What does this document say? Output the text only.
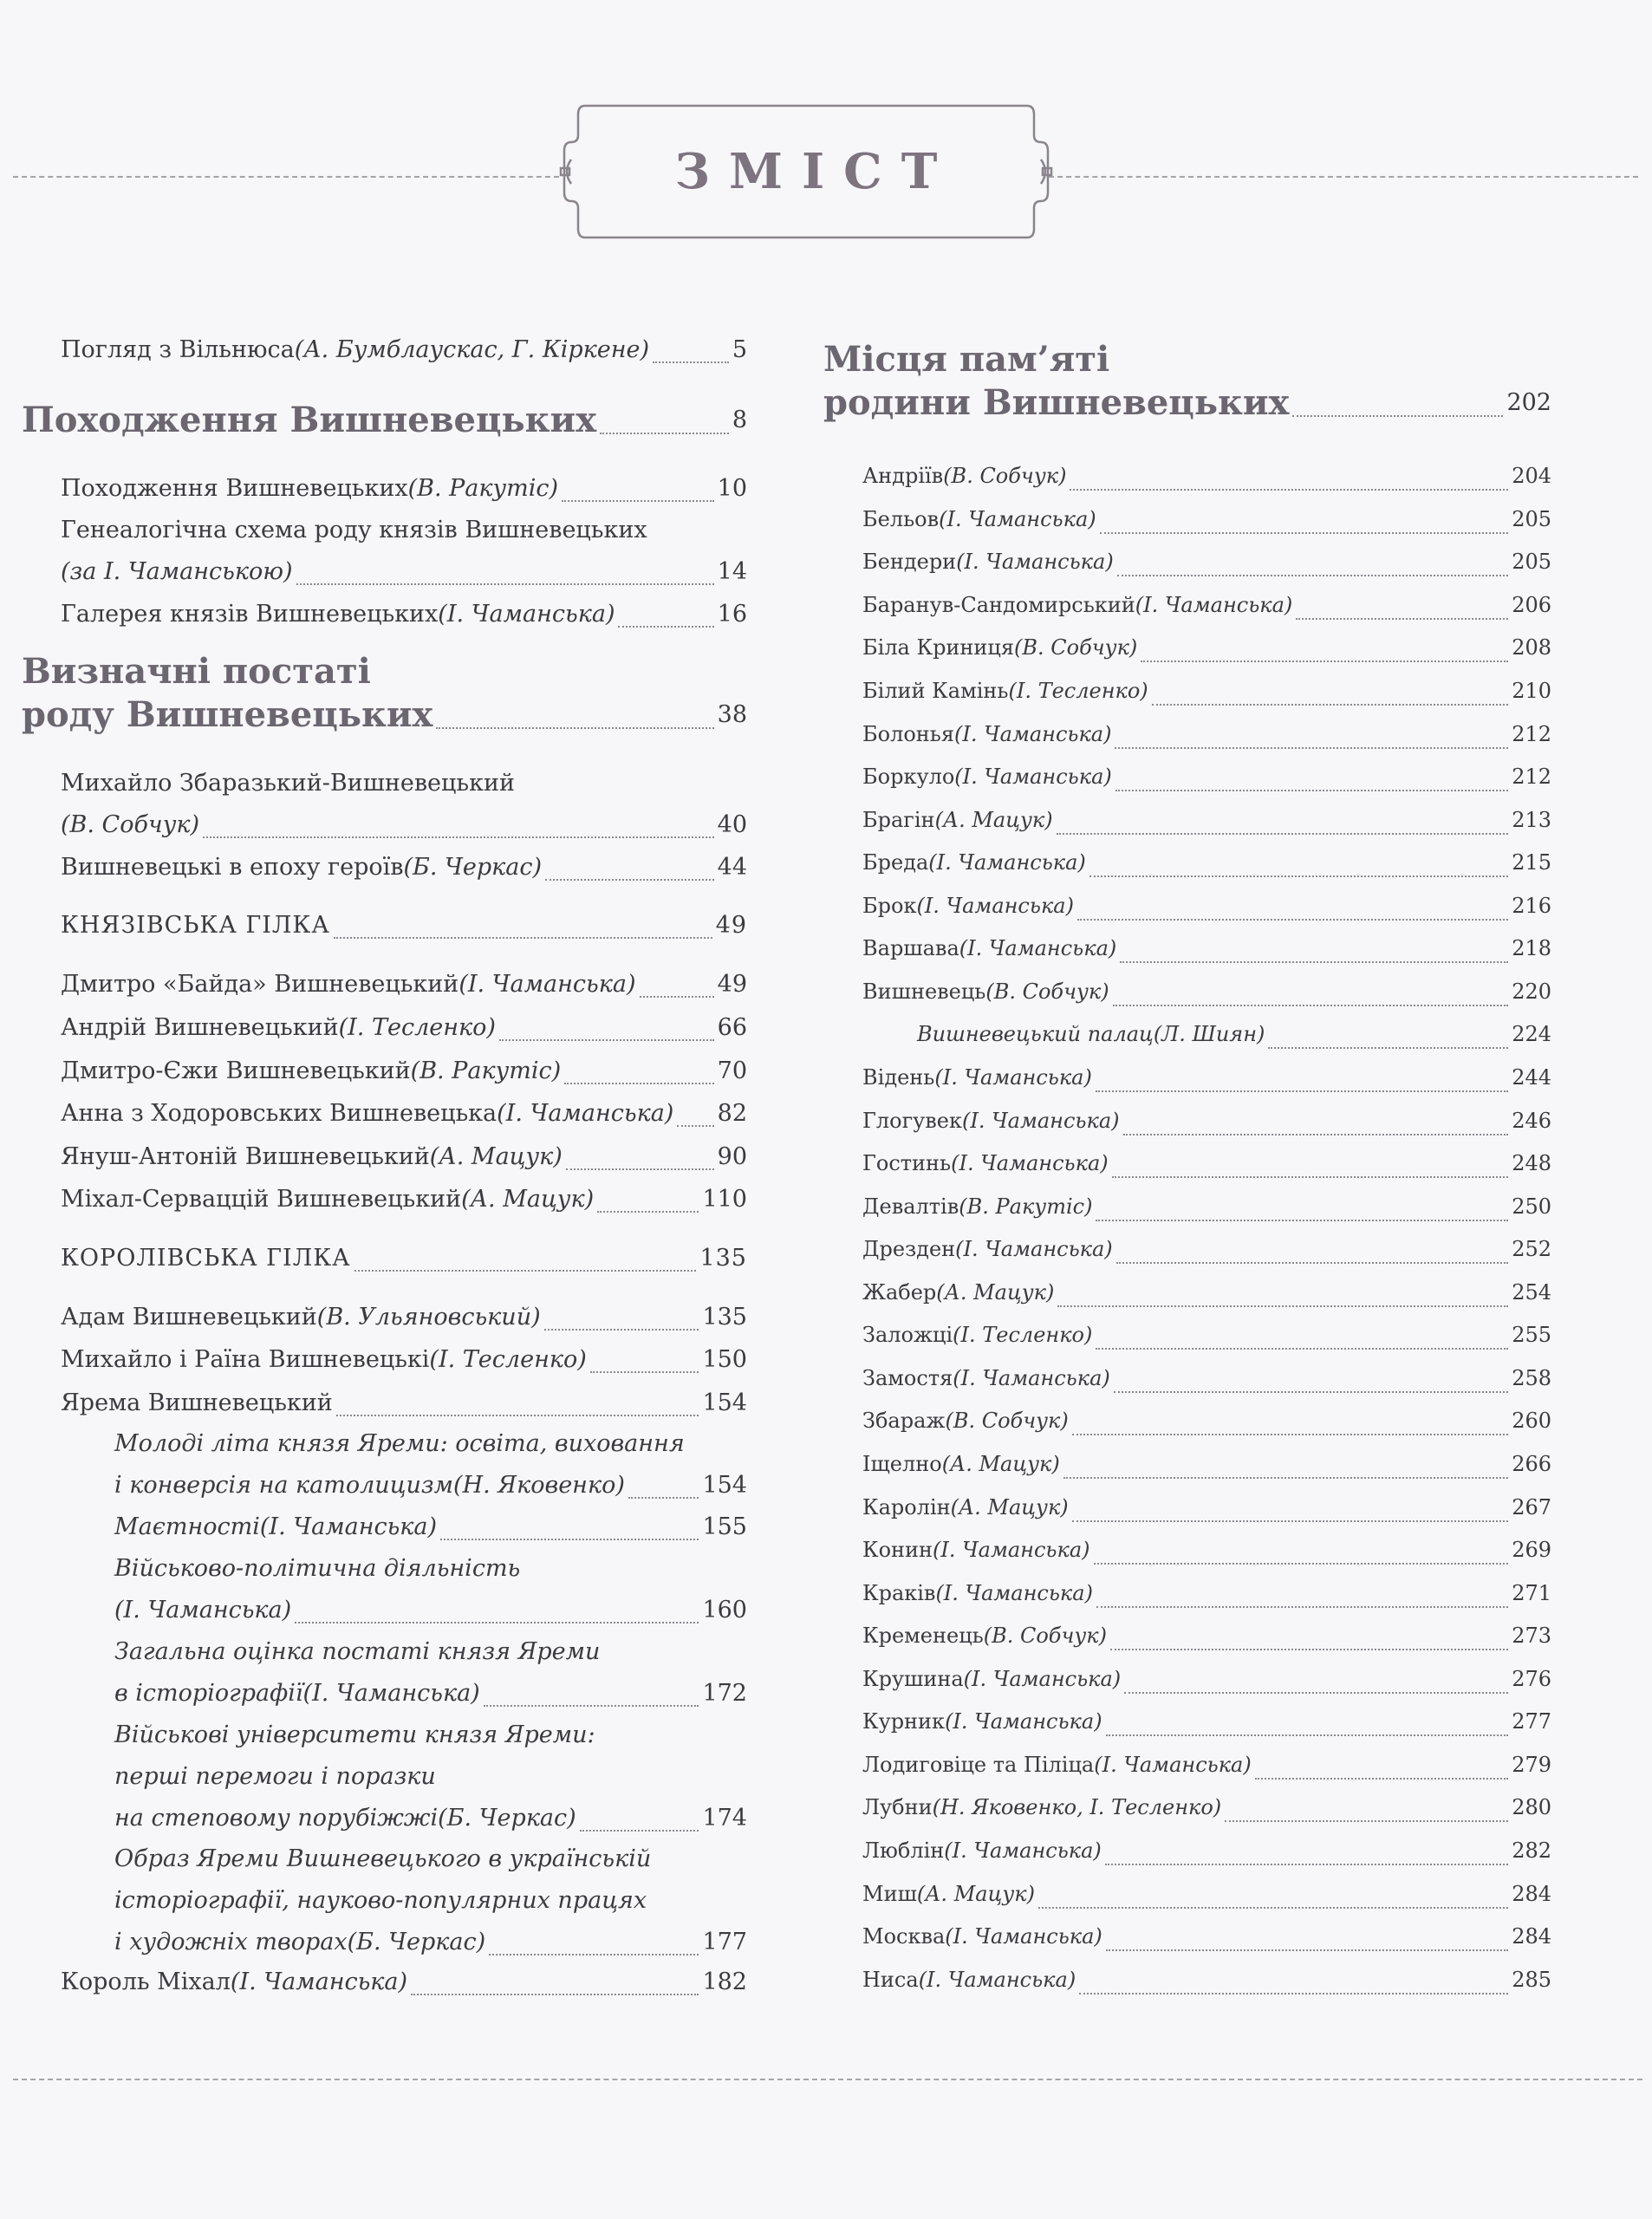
ЗМІСТ
Погляд з Вільнюса (А. Бумблаускас, Г. Кіркене)	5
Походження Вишневецьких	8
Походження Вишневецьких (В. Ракутіс)	10
Генеалогічна схема роду князів Вишневецьких
(за І. Чаманською)	14
Галерея князів Вишневецьких (І. Чаманська)	16
Визначні постаті
роду Вишневецьких	38
Михайло Збаразький-Вишневецький
(В. Собчук)	40
Вишневецькі в епоху героїв (Б. Черкас)	44
КНЯЗІВСЬКА ГІЛКА	49
Дмитро «Байда» Вишневецький (І. Чаманська)	49
Андрій Вишневецький (І. Тесленко)	66
Дмитро-Єжи Вишневецький (В. Ракутіс)	70
Анна з Ходоровських Вишневецька (І. Чаманська) 82
Януш-Антоній Вишневецький (А. Мацук)	90
Міхал-Серваццій Вишневецький (А. Мацук)	110
КОРОЛІВСЬКА ГІЛКА	135
Адам Вишневецький (В. Ульяновський)	135
Михайло і Раїна Вишневецькі (І. Тесленко)	150
Ярема Вишневецький	154
Молоді літа князя Яреми: освіта, виховання
і конверсія на католицизм (Н. Яковенко)	154
Маєтності (І. Чаманська)	155
Військово-політична діяльність
(І. Чаманська)	160
Загальна оцінка постаті князя Яреми
в історіографії (І. Чаманська)	172
Військові університети князя Яреми:
перші перемоги і поразки
на степовому порубіжжі (Б. Черкас)	174
Образ Яреми Вишневецького в українській
історіографії, науково-популярних працях
і художніх творах (Б. Черкас)	177
Король Міхал (І. Чаманська)	182
Місця пам’яті
родини Вишневецьких	202
Андріїв (В. Собчук)	204
Бельов (І. Чаманська)	205
Бендери (І. Чаманська)	205
Баранув-Сандомирський (І. Чаманська)	206
Біла Криниця (В. Собчук)	208
Білий Камінь (І. Тесленко)	210
Болонья (І. Чаманська)	212
Боркуло (І. Чаманська)	212
Брагін (А. Мацук)	213
Бреда (І. Чаманська)	215
Брок (І. Чаманська)	216
Варшава (І. Чаманська)	218
Вишневець (В. Собчук)	220
Вишневецький палац (Л. Шиян)	224
Відень (І. Чаманська)	244
Глогувек (І. Чаманська)	246
Гостинь (І. Чаманська)	248
Девалтів (В. Ракутіс)	250
Дрезден (І. Чаманська)	252
Жабер (А. Мацук)	254
Заложці (І. Тесленко)	255
Замостя (І. Чаманська)	258
Збараж (В. Собчук)	260
Іщелно (А. Мацук)	266
Каролін (А. Мацук)	267
Конин (І. Чаманська)	269
Краків (І. Чаманська)	271
Кременець (В. Собчук)	273
Крушина (І. Чаманська)	276
Курник (І. Чаманська)	277
Лодиговіце та Піліца (І. Чаманська)	279
Лубни (Н. Яковенко, І. Тесленко)	280
Люблін (І. Чаманська)	282
Миш (А. Мацук)	284
Москва (І. Чаманська)	284
Ниса (І. Чаманська)	285
